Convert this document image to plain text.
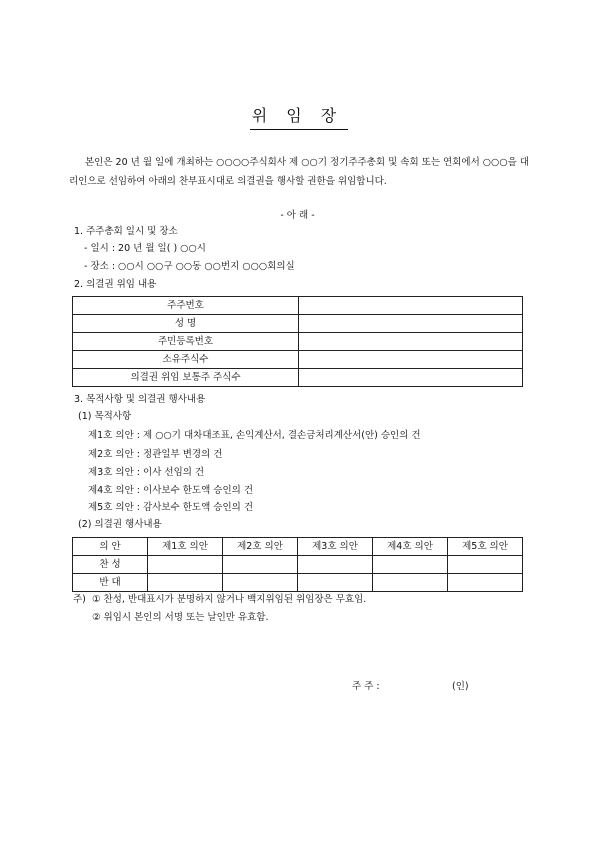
위 임 장
본인은 20 년 월 일에 개최하는 ○○○○주식회사 제 ○○기 정기주주총회 및 속회 또는 연회에서 ○○○을 대리인으로 선임하여 아래의 찬부표시대로 의결권을 행사할 권한을 위임합니다.
- 아 래 -
1. 주주총회 일시 및 장소
- 일시 : 20 년 월 일( ) ○○시
- 장소 : ○○시 ○○구 ○○동 ○○번지 ○○○회의실
2. 의결권 위임 내용
주주번호	
성 명	
주민등록번호	
소유주식수	
의결권 위임 보통주 주식수	
3. 목적사항 및 의결권 행사내용
(1) 목적사항
제1호 의안 : 제 ○○기 대차대조표, 손익계산서, 결손금처리계산서(안) 승인의 건
제2호 의안 : 정관일부 변경의 건
제3호 의안 : 이사 선임의 건
제4호 의안 : 이사보수 한도액 승인의 건
제5호 의안 : 감사보수 한도액 승인의 건
(2) 의결권 행사내용
의 안	제1호 의안	제2호 의안	제3호 의안	제4호 의안	제5호 의안
찬 성					
반 대					
주) ① 찬성, 반대표시가 분명하지 않거나 백지위임된 위임장은 무효임.
② 위임시 본인의 서명 또는 날인만 유효함.
주 주 :	(인)
